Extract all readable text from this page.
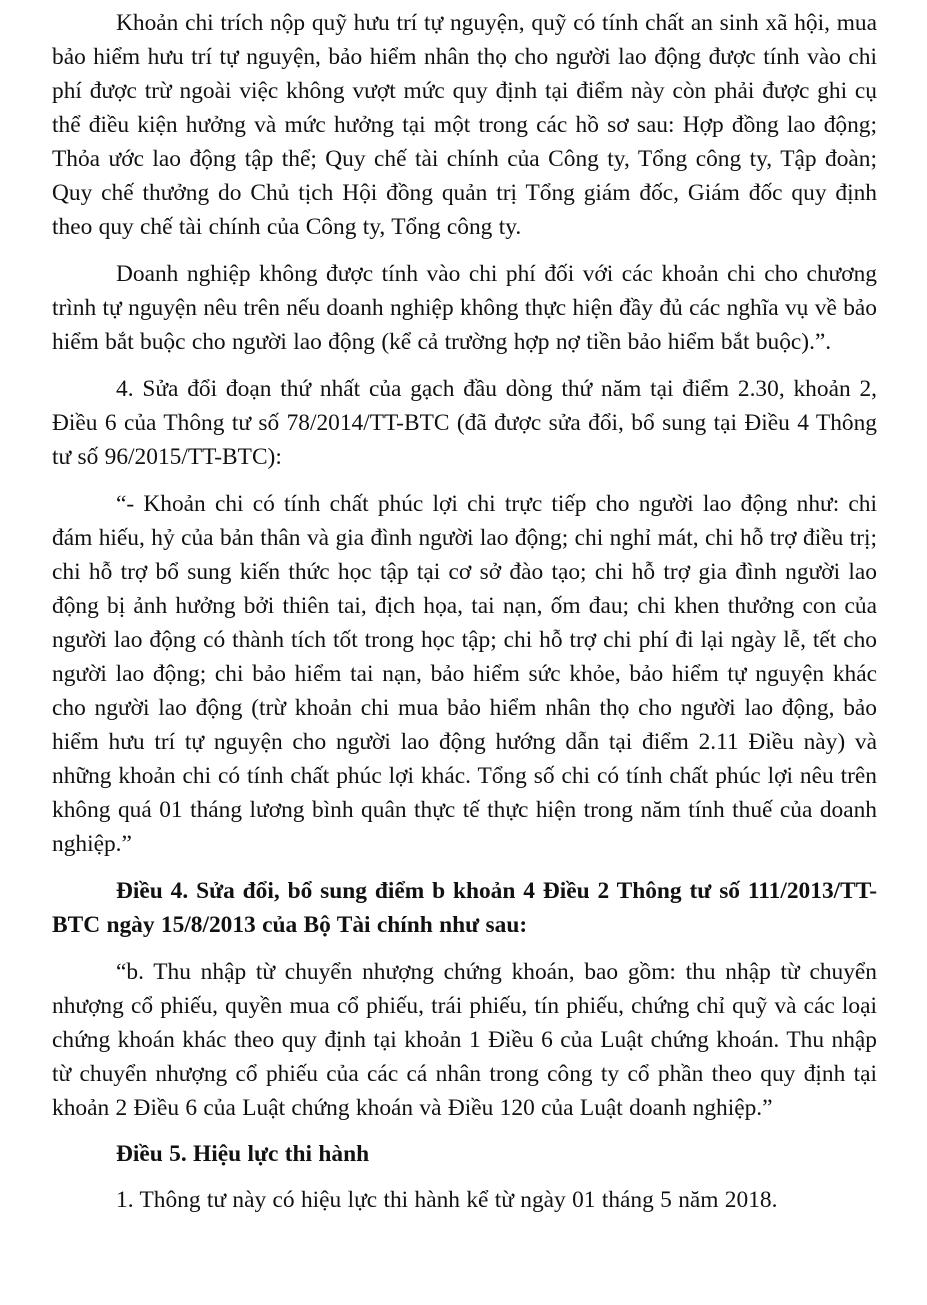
Khoản chi trích nộp quỹ hưu trí tự nguyện, quỹ có tính chất an sinh xã hội, mua bảo hiểm hưu trí tự nguyện, bảo hiểm nhân thọ cho người lao động được tính vào chi phí được trừ ngoài việc không vượt mức quy định tại điểm này còn phải được ghi cụ thể điều kiện hưởng và mức hưởng tại một trong các hồ sơ sau: Hợp đồng lao động; Thỏa ước lao động tập thể; Quy chế tài chính của Công ty, Tổng công ty, Tập đoàn; Quy chế thưởng do Chủ tịch Hội đồng quản trị Tổng giám đốc, Giám đốc quy định theo quy chế tài chính của Công ty, Tổng công ty.

Doanh nghiệp không được tính vào chi phí đối với các khoản chi cho chương trình tự nguyện nêu trên nếu doanh nghiệp không thực hiện đầy đủ các nghĩa vụ về bảo hiểm bắt buộc cho người lao động (kể cả trường hợp nợ tiền bảo hiểm bắt buộc).”.

4. Sửa đổi đoạn thứ nhất của gạch đầu dòng thứ năm tại điểm 2.30, khoản 2, Điều 6 của Thông tư số 78/2014/TT-BTC (đã được sửa đổi, bổ sung tại Điều 4 Thông tư số 96/2015/TT-BTC):

“- Khoản chi có tính chất phúc lợi chi trực tiếp cho người lao động như: chi đám hiếu, hỷ của bản thân và gia đình người lao động; chi nghỉ mát, chi hỗ trợ điều trị; chi hỗ trợ bổ sung kiến thức học tập tại cơ sở đào tạo; chi hỗ trợ gia đình người lao động bị ảnh hưởng bởi thiên tai, địch họa, tai nạn, ốm đau; chi khen thưởng con của người lao động có thành tích tốt trong học tập; chi hỗ trợ chi phí đi lại ngày lễ, tết cho người lao động; chi bảo hiểm tai nạn, bảo hiểm sức khỏe, bảo hiểm tự nguyện khác cho người lao động (trừ khoản chi mua bảo hiểm nhân thọ cho người lao động, bảo hiểm hưu trí tự nguyện cho người lao động hướng dẫn tại điểm 2.11 Điều này) và những khoản chi có tính chất phúc lợi khác. Tổng số chi có tính chất phúc lợi nêu trên không quá 01 tháng lương bình quân thực tế thực hiện trong năm tính thuế của doanh nghiệp.”

Điều 4. Sửa đổi, bổ sung điểm b khoản 4 Điều 2 Thông tư số 111/2013/TT-BTC ngày 15/8/2013 của Bộ Tài chính như sau:

“b. Thu nhập từ chuyển nhượng chứng khoán, bao gồm: thu nhập từ chuyển nhượng cổ phiếu, quyền mua cổ phiếu, trái phiếu, tín phiếu, chứng chỉ quỹ và các loại chứng khoán khác theo quy định tại khoản 1 Điều 6 của Luật chứng khoán. Thu nhập từ chuyển nhượng cổ phiếu của các cá nhân trong công ty cổ phần theo quy định tại khoản 2 Điều 6 của Luật chứng khoán và Điều 120 của Luật doanh nghiệp.”

Điều 5. Hiệu lực thi hành

1. Thông tư này có hiệu lực thi hành kể từ ngày 01 tháng 5 năm 2018.
